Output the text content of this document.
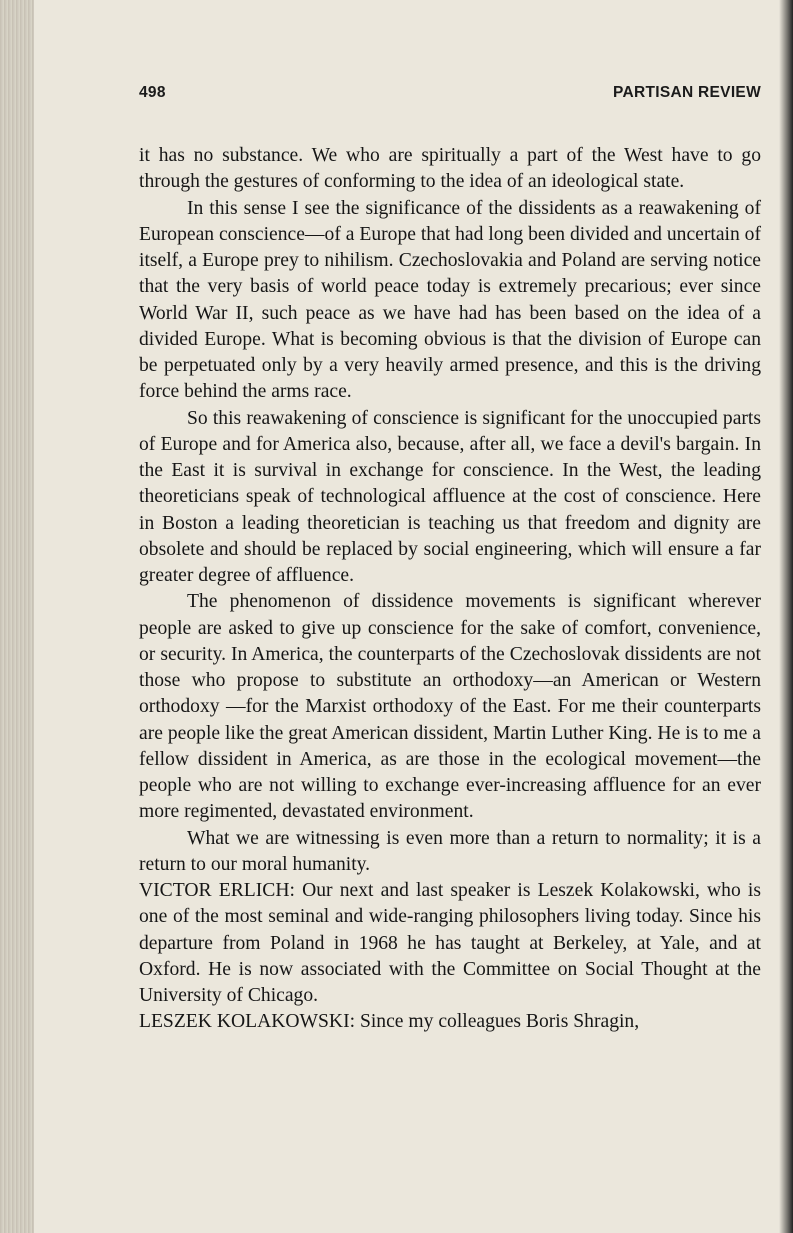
498	PARTISAN REVIEW

it has no substance. We who are spiritually a part of the West have to go through the gestures of conforming to the idea of an ideological state.

In this sense I see the significance of the dissidents as a reawakening of European conscience—of a Europe that had long been divided and uncertain of itself, a Europe prey to nihilism. Czechoslovakia and Poland are serving notice that the very basis of world peace today is extremely precarious; ever since World War II, such peace as we have had has been based on the idea of a divided Europe. What is becoming obvious is that the division of Europe can be perpetuated only by a very heavily armed presence, and this is the driving force behind the arms race.

So this reawakening of conscience is significant for the unoccupied parts of Europe and for America also, because, after all, we face a devil's bargain. In the East it is survival in exchange for conscience. In the West, the leading theoreticians speak of technological affluence at the cost of conscience. Here in Boston a leading theoretician is teaching us that freedom and dignity are obsolete and should be replaced by social engineering, which will ensure a far greater degree of affluence.

The phenomenon of dissidence movements is significant wherever people are asked to give up conscience for the sake of comfort, convenience, or security. In America, the counterparts of the Czechoslovak dissidents are not those who propose to substitute an orthodoxy—an American or Western orthodoxy —for the Marxist orthodoxy of the East. For me their counterparts are people like the great American dissident, Martin Luther King. He is to me a fellow dissident in America, as are those in the ecological movement—the people who are not willing to exchange ever-increasing affluence for an ever more regimented, devastated environment.

What we are witnessing is even more than a return to normality; it is a return to our moral humanity.

VICTOR ERLICH: Our next and last speaker is Leszek Kolakowski, who is one of the most seminal and wide-ranging philosophers living today. Since his departure from Poland in 1968 he has taught at Berkeley, at Yale, and at Oxford. He is now associated with the Committee on Social Thought at the University of Chicago.

LESZEK KOLAKOWSKI: Since my colleagues Boris Shragin,
